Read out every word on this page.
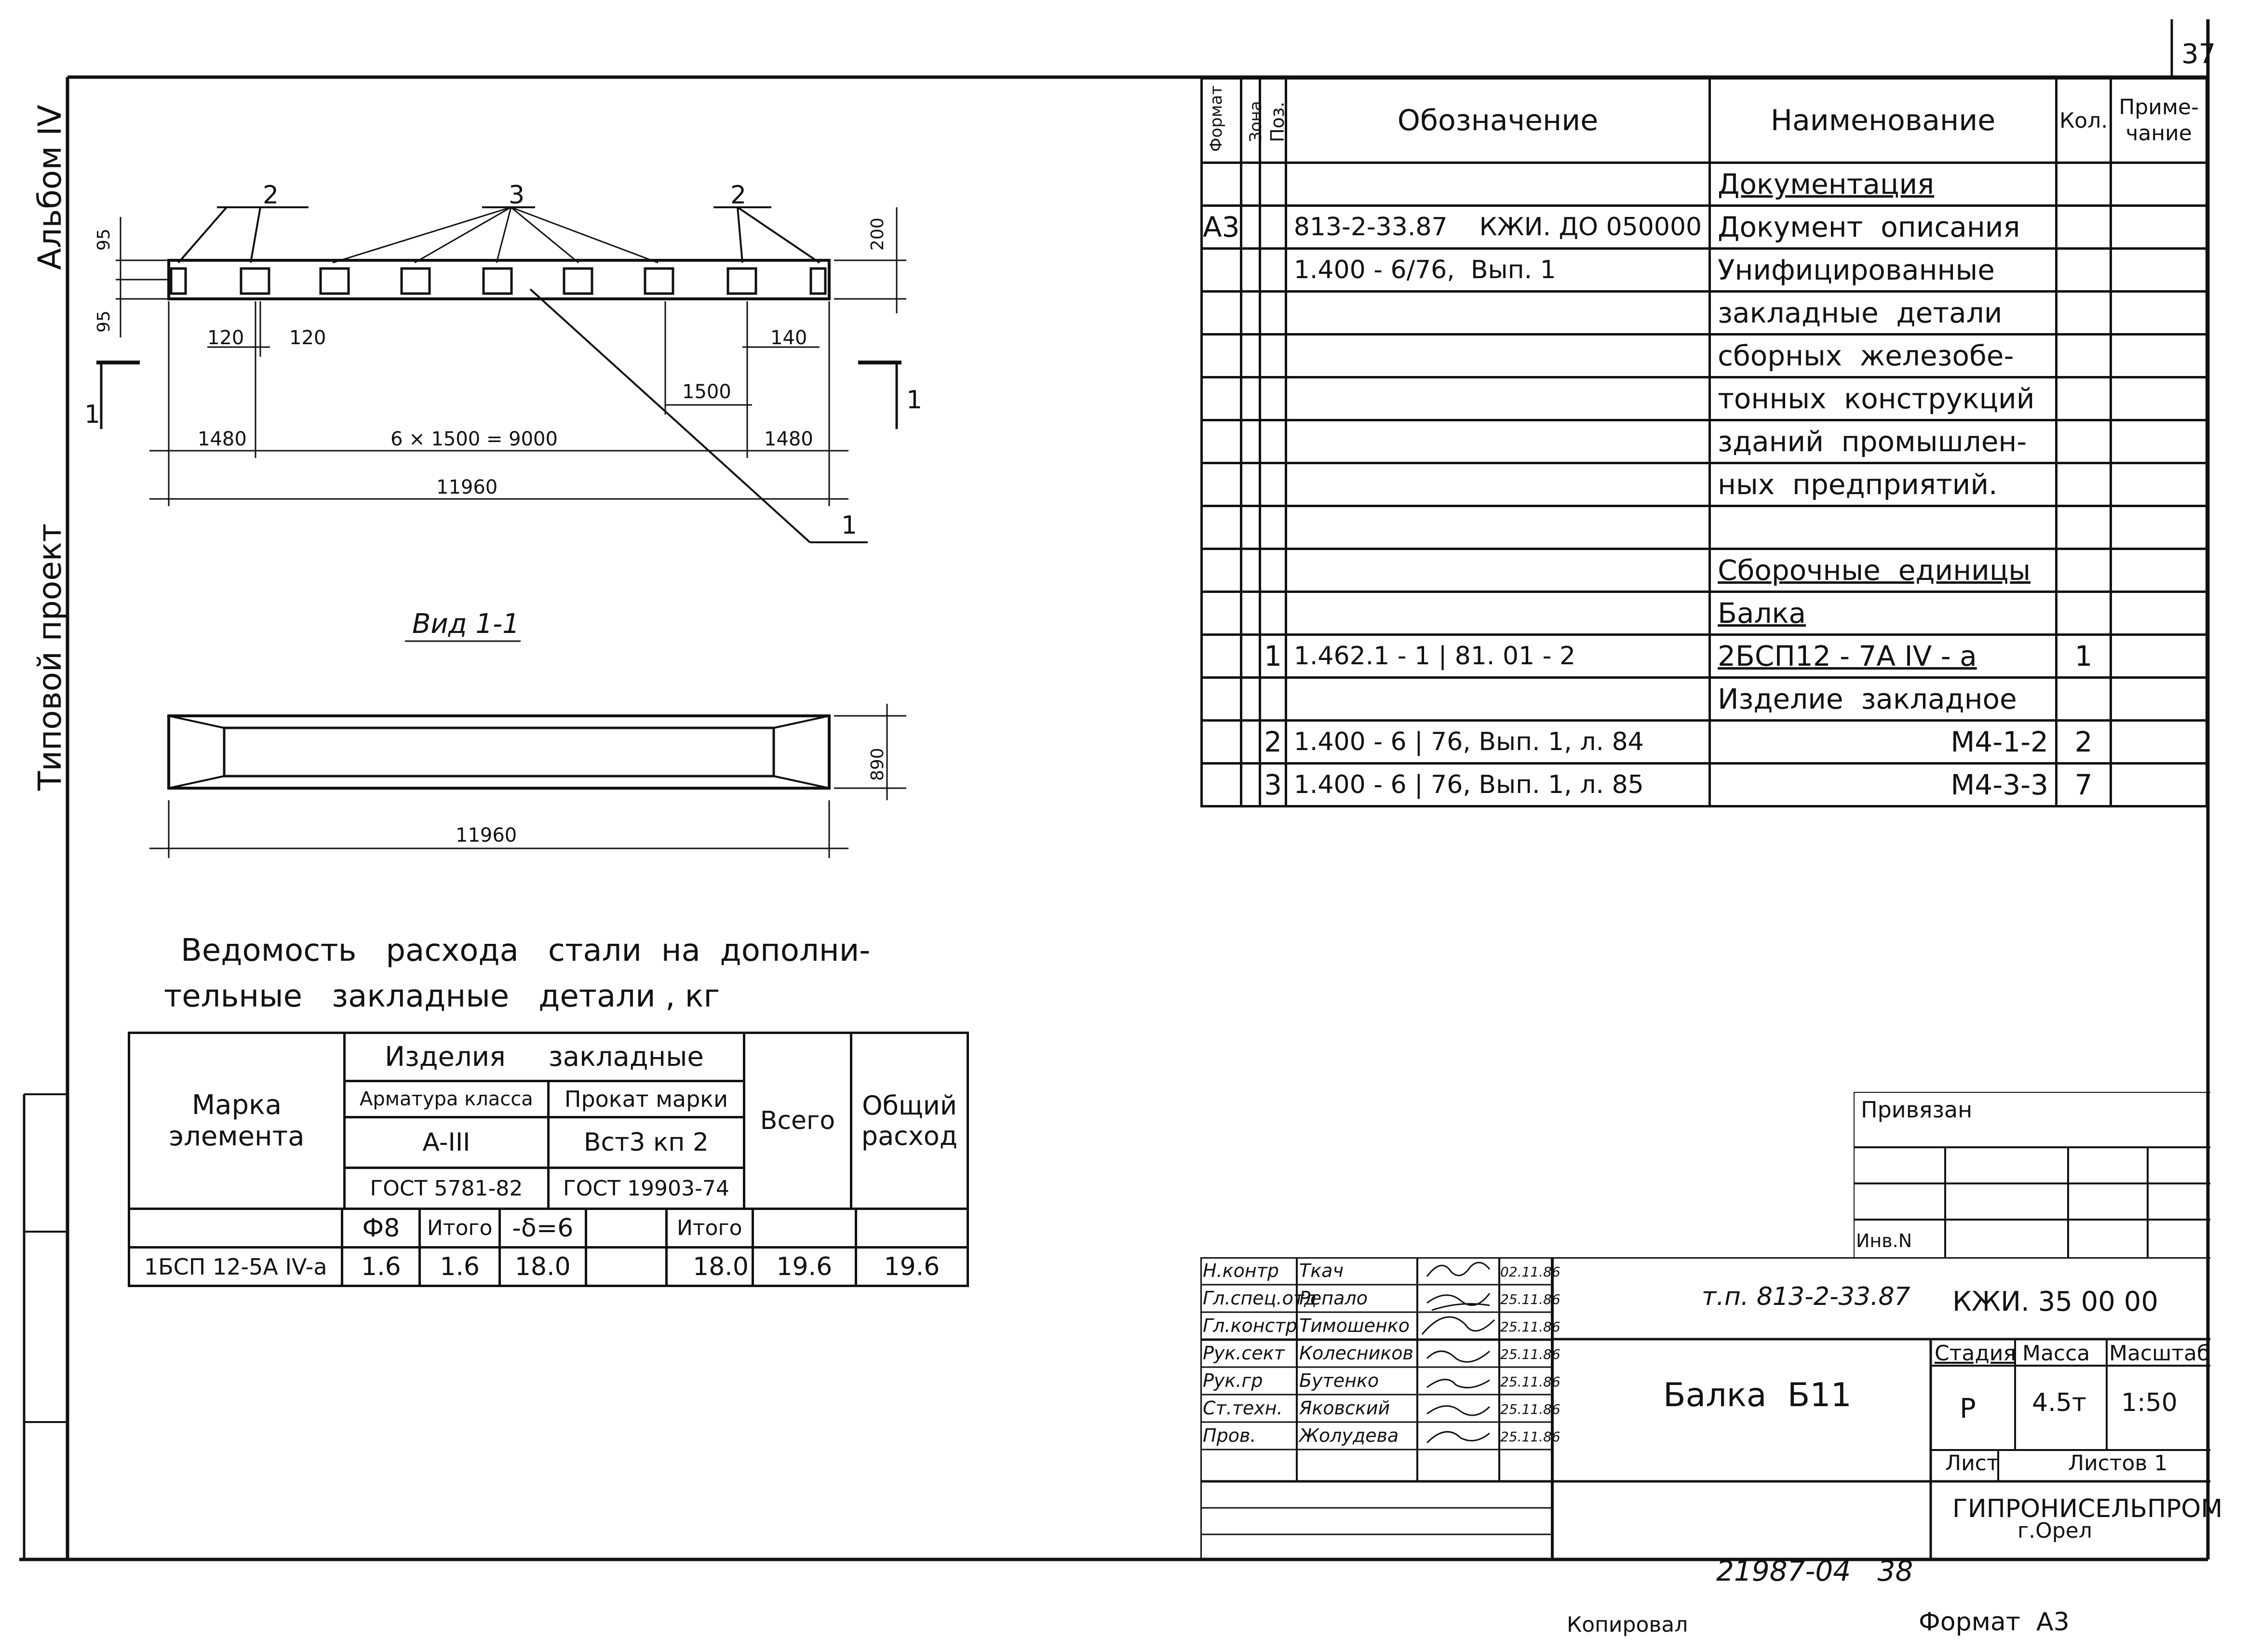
37
Альбом IV
Типовой проект
2	3	2
1
95
95
200
120 120	140
1500
1480	1480
6 × 1500 = 9000
11960
1	1
Вид 1-1
890
11960
Ведомость   расхода   стали  на  дополни-
тельные   закладные   детали , кг
Марка элемента	Изделия     закладные		Всего	Общий расход
	Арматура класса	Прокат марки		
	A-III	Вст3 кп 2		
	ГОСТ 5781-82	ГОСТ 19903-74		
	Ф8	Итого	-δ=6		Итого		
1БСП 12-5А IV-a	1.6	1.6	18.0		18.0	19.6	19.6
Формат	Зона	Поз.	Обозначение	Наименование	Кол.	Приме-
чание
				Документация		
А3			813-2-33.87    КЖИ. ДО 050000	Документ  описания		
			1.400 - 6/76,  Вып. 1	Унифицированные		
				закладные  детали		
				сборных  железобе-		
				тонных  конструкций		
				зданий  промышлен-		
				ных  предприятий.		

				Сборочные  единицы		
				Балка		
		1	1.462.1 - 1 | 81. 01 - 2	2БСП12 - 7А IV - а	1	
				Изделие  закладное		
		2	1.400 - 6 | 76, Вып. 1, л. 84	М4-1-2	2	
		3	1.400 - 6 | 76, Вып. 1, л. 85	М4-3-3	7	
Привязан
Инв.N
Н.контр Ткач	02.11.86
Гл.спец.отд
Репало	25.11.86
Гл.констр Тимошенко	25.11.86
Рук.сект Колесников	25.11.86
Рук.гр Бутенко	25.11.86
Ст.техн. Яковский	25.11.86
Пров. Жолудева	25.11.86
т.п. 813-2-33.87 КЖИ. 35 00 00
Балка  Б11
Стадия Масса Масштаб
Р 4.5т 1:50
Лист	Листов 1
ГИПРОНИСЕЛЬПРОМ
г.Орел
21987-04   38
Копировал	Формат  А3
